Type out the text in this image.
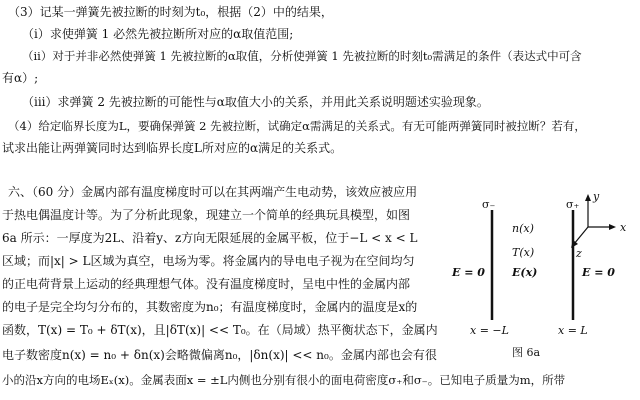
（3）记某一弹簧先被拉断的时刻为t₀，根据（2）中的结果，
（i）求使弹簧 1 必然先被拉断所对应的α取值范围;
（ii）对于并非必然使弹簧 1 先被拉断的α取值，分析使弹簧 1 先被拉断的时刻t₀需满足的条件（表达式中可含
有α）;
（iii）求弹簧 2 先被拉断的可能性与α取值大小的关系，并用此关系说明题述实验现象。
（4）给定临界长度为L，要确保弹簧 2 先被拉断，试确定α需满足的关系式。有无可能两弹簧同时被拉断？若有，
试求出能让两弹簧同时达到临界长度L所对应的α满足的关系式。
六、（60 分）金属内部有温度梯度时可以在其两端产生电动势，该效应被应用
于热电偶温度计等。为了分析此现象，现建立一个简单的经典玩具模型，如图
6a 所示：一厚度为2L、沿着y、z方向无限延展的金属平板，位于−L < x < L
区域；而|x| > L区域为真空，电场为零。将金属内的导电电子视为在空间均匀
的正电荷背景上运动的经典理想气体。没有温度梯度时，呈电中性的金属内部
的电子是完全均匀分布的，其数密度为n₀；有温度梯度时，金属内的温度是x的
函数，T(x) = T₀ + δT(x)，且|δT(x)| << T₀。在（局域）热平衡状态下，金属内
电子数密度n(x) = n₀ + δn(x)会略微偏离n₀，|δn(x)| << n₀。金属内部也会有很
小的沿x方向的电场Eₓ(x)。金属表面x = ±L内侧也分别有很小的面电荷密度σ₊和σ₋。已知电子质量为m，所带
σ₋	σ₊
n(x)
T(x)
E(x)
E = 0	E = 0
x = −L	x = L
y
x
z
图 6a
